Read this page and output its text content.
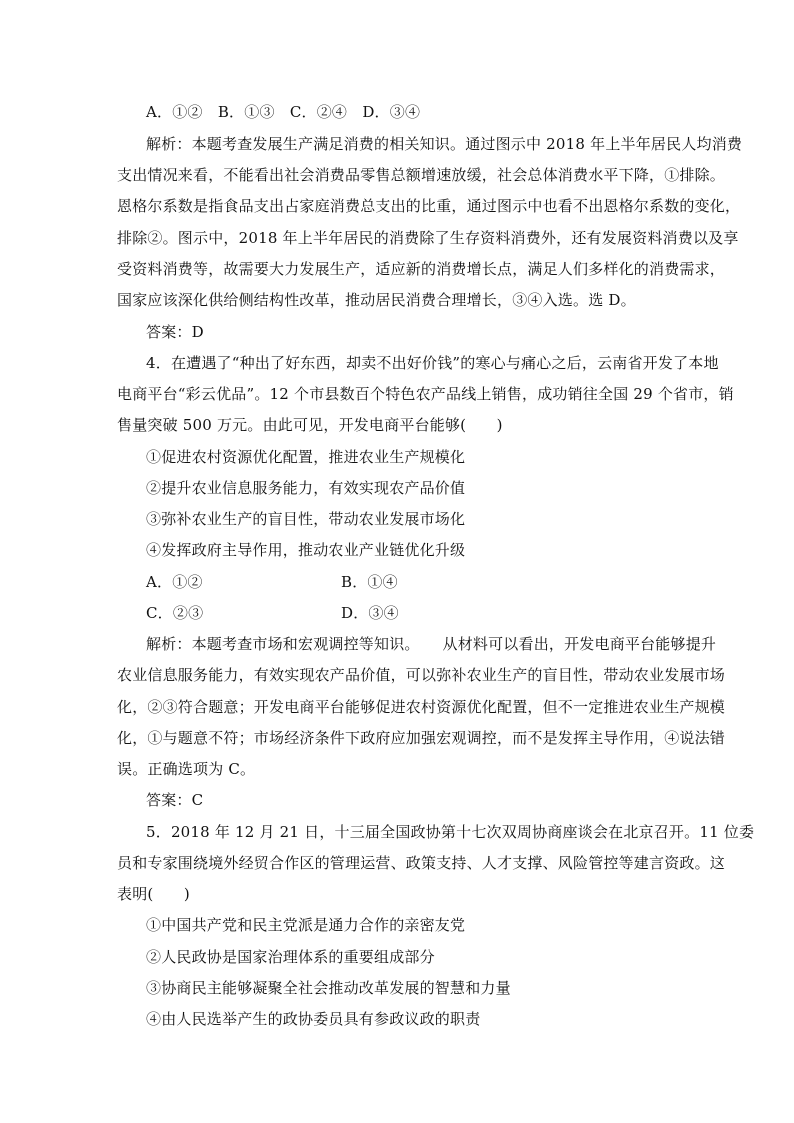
A．①②　B．①③　C．②④　D．③④
解析：本题考查发展生产满足消费的相关知识。通过图示中 2018 年上半年居民人均消费
支出情况来看，不能看出社会消费品零售总额增速放缓，社会总体消费水平下降，①排除。
恩格尔系数是指食品支出占家庭消费总支出的比重，通过图示中也看不出恩格尔系数的变化，
排除②。图示中，2018 年上半年居民的消费除了生存资料消费外，还有发展资料消费以及享
受资料消费等，故需要大力发展生产，适应新的消费增长点，满足人们多样化的消费需求，
国家应该深化供给侧结构性改革，推动居民消费合理增长，③④入选。选 D。
答案：D
4．在遭遇了“种出了好东西，却卖不出好价钱”的寒心与痛心之后，云南省开发了本地
电商平台“彩云优品”。12 个市县数百个特色农产品线上销售，成功销往全国 29 个省市，销
售量突破 500 万元。由此可见，开发电商平台能够(　　)
①促进农村资源优化配置，推进农业生产规模化
②提升农业信息服务能力，有效实现农产品价值
③弥补农业生产的盲目性，带动农业发展市场化
④发挥政府主导作用，推动农业产业链优化升级
A．①②	B．①④
C．②③	D．③④
解析：本题考查市场和宏观调控等知识。　　从材料可以看出，开发电商平台能够提升
农业信息服务能力，有效实现农产品价值，可以弥补农业生产的盲目性，带动农业发展市场
化，②③符合题意；开发电商平台能够促进农村资源优化配置，但不一定推进农业生产规模
化，①与题意不符；市场经济条件下政府应加强宏观调控，而不是发挥主导作用，④说法错
误。正确选项为 C。
答案：C
5．2018 年 12 月 21 日，十三届全国政协第十七次双周协商座谈会在北京召开。11 位委
员和专家围绕境外经贸合作区的管理运营、政策支持、人才支撑、风险管控等建言资政。这
表明(　　)
①中国共产党和民主党派是通力合作的亲密友党
②人民政协是国家治理体系的重要组成部分
③协商民主能够凝聚全社会推动改革发展的智慧和力量
④由人民选举产生的政协委员具有参政议政的职责
